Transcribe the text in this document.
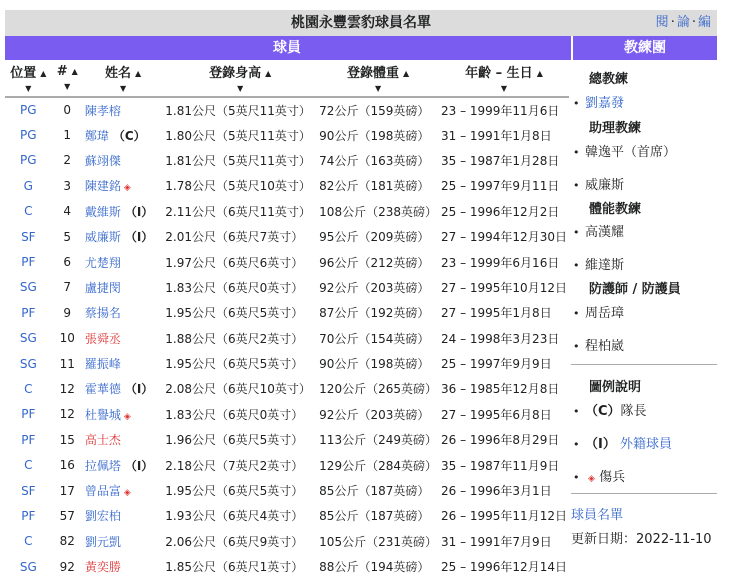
桃園永豐雲豹球員名單	閱 · 論 · 編
球員	教練團
位置 ▲
▼	# ▲
▼	姓名 ▲
▼	登錄身高 ▲
▼	登錄體重 ▲
▼	年齡 – 生日 ▲
▼
PG	0	陳孝榕	1.81公尺（5英尺11英寸）	72公斤（159英磅）	23 – 1999年11月6日
PG	1	鄭瑋 （C）	1.80公尺（5英尺11英寸）	90公斤（198英磅）	31 – 1991年1月8日
PG	2	蘇翊傑	1.81公尺（5英尺11英寸）	74公斤（163英磅）	35 – 1987年1月28日
G	3	陳建銘 ◈	1.78公尺（5英尺10英寸）	82公斤（181英磅）	25 – 1997年9月11日
C	4	戴維斯 （I）	2.11公尺（6英尺11英寸）	108公斤（238英磅）	25 – 1996年12月2日
SF	5	威廉斯 （I）	2.01公尺（6英尺7英寸）	95公斤（209英磅）	27 – 1994年12月30日
PF	6	尤楚翔	1.97公尺（6英尺6英寸）	96公斤（212英磅）	23 – 1999年6月16日
SG	7	盧捷閔	1.83公尺（6英尺0英寸）	92公斤（203英磅）	27 – 1995年10月12日
PF	9	蔡揚名	1.95公尺（6英尺5英寸）	87公斤（192英磅）	27 – 1995年1月8日
SG	10	張舜丞	1.88公尺（6英尺2英寸）	70公斤（154英磅）	24 – 1998年3月23日
SG	11	羅振峰	1.95公尺（6英尺5英寸）	90公斤（198英磅）	25 – 1997年9月9日
C	12	霍華德 （I）	2.08公尺（6英尺10英寸）	120公斤（265英磅）	36 – 1985年12月8日
PF	12	杜譽城 ◈	1.83公尺（6英尺0英寸）	92公斤（203英磅）	27 – 1995年6月8日
PF	15	高士杰	1.96公尺（6英尺5英寸）	113公斤（249英磅）	26 – 1996年8月29日
C	16	拉佩塔 （I）	2.18公尺（7英尺2英寸）	129公斤（284英磅）	35 – 1987年11月9日
SF	17	曾品富 ◈	1.95公尺（6英尺5英寸）	85公斤（187英磅）	26 – 1996年3月1日
PF	57	劉宏柏	1.93公尺（6英尺4英寸）	85公斤（187英磅）	26 – 1995年11月12日
C	82	劉元凱	2.06公尺（6英尺9英寸）	105公斤（231英磅）	31 – 1991年7月9日
SG	92	黃奕勝	1.85公尺（6英尺1英寸）	88公斤（194英磅）	25 – 1996年12月14日
總教練
• 劉嘉發
助理教練
• 韓逸平（首席）
• 威廉斯
體能教練
• 高漢耀
• 維達斯
防護師 / 防護員
• 周岳璋
• 程柏崴
圖例說明
• （C）隊長
• （I） 外籍球員
• ◈ 傷兵
球員名單
更新日期：2022-11-10
